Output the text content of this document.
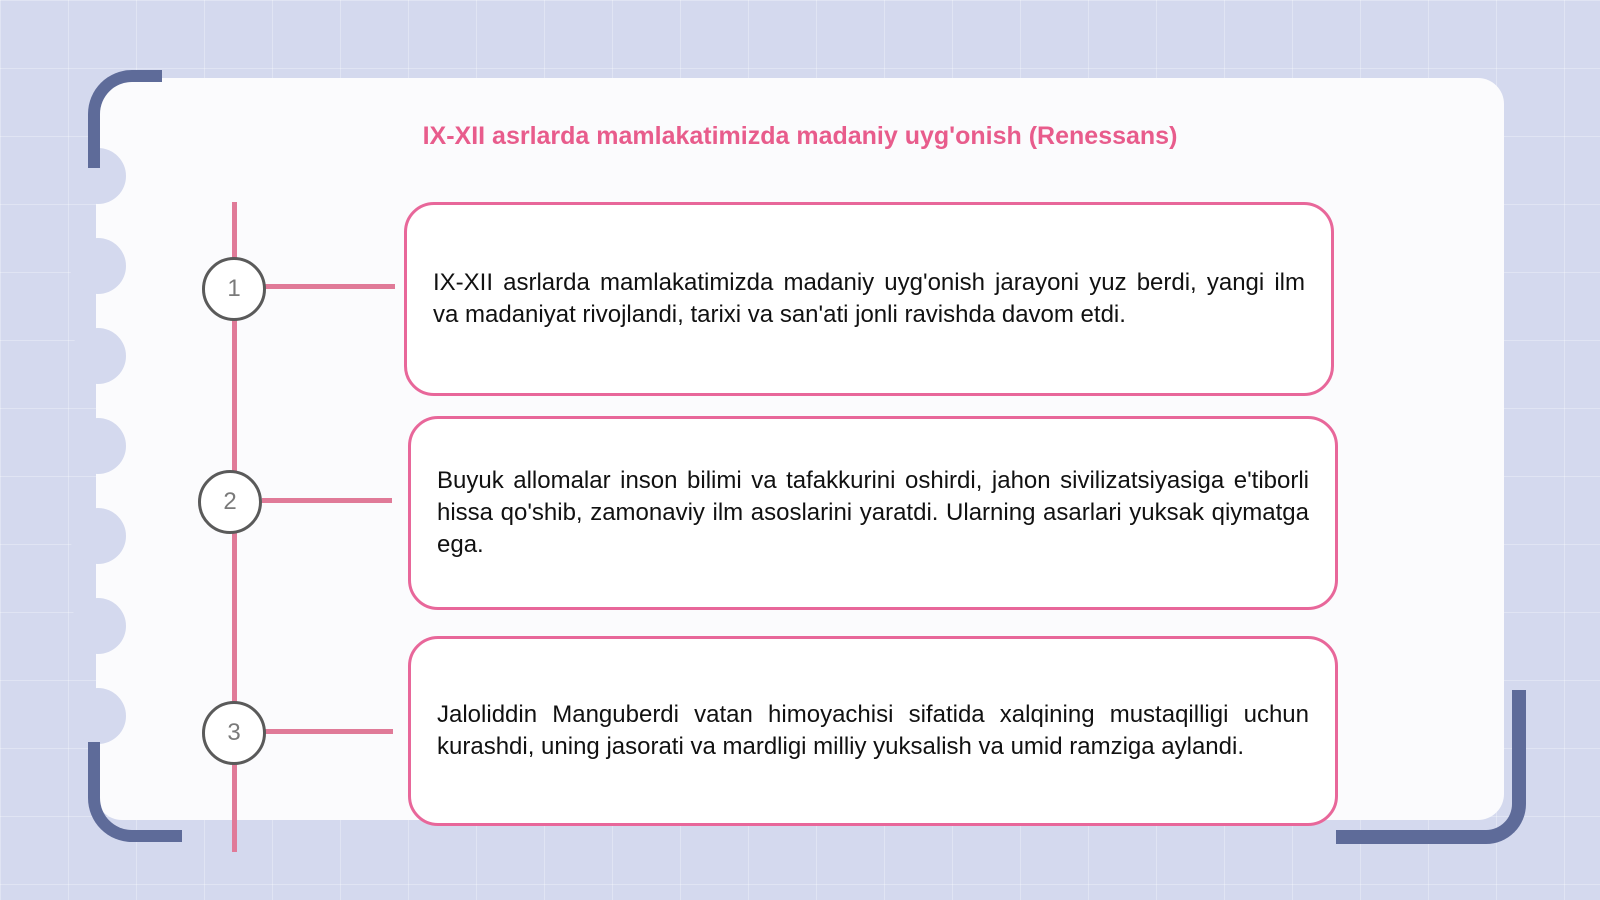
IX-XII asrlarda mamlakatimizda madaniy uyg'onish (Renessans)
1	IX-XII asrlarda mamlakatimizda madaniy uyg'onish jarayoni yuz berdi, yangi ilm va madaniyat rivojlandi, tarixi va san'ati jonli ravishda davom etdi.

2

Buyuk allomalar inson bilimi va tafakkurini oshirdi, jahon sivilizatsiyasiga e'tiborli hissa qo'shib, zamonaviy ilm asoslarini yaratdi. Ularning asarlari yuksak qiymatga ega.

3

Jaloliddin Manguberdi vatan himoyachisi sifatida xalqining mustaqilligi uchun kurashdi, uning jasorati va mardligi milliy yuksalish va umid ramziga aylandi.
